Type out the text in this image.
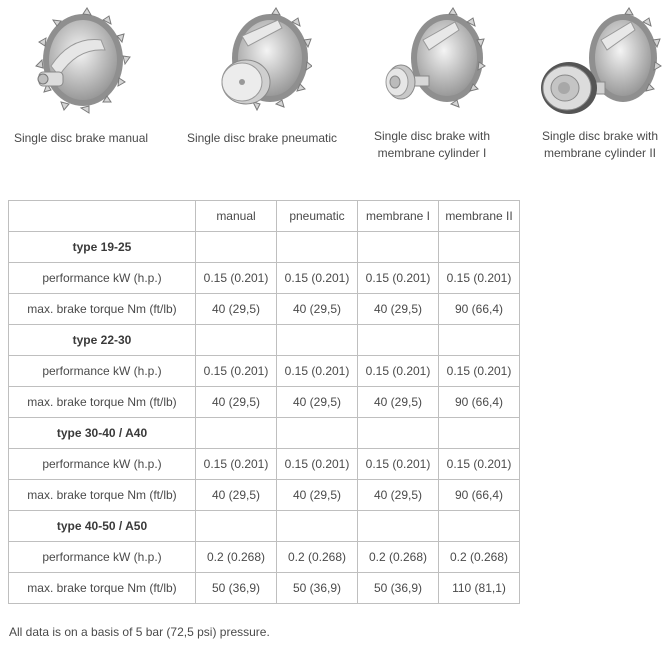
Single disc brake manual	Single disc brake pneumatic	Single disc brake with
membrane cylinder I
Single disc brake with
membrane cylinder II
	manual	pneumatic	membrane I	membrane II
type 19-25				
performance kW (h.p.)	0.15 (0.201)	0.15 (0.201)	0.15 (0.201)	0.15 (0.201)
max. brake torque Nm (ft/lb)	40 (29,5)	40 (29,5)	40 (29,5)	90 (66,4)
type 22-30				
performance kW (h.p.)	0.15 (0.201)	0.15 (0.201)	0.15 (0.201)	0.15 (0.201)
max. brake torque Nm (ft/lb)	40 (29,5)	40 (29,5)	40 (29,5)	90 (66,4)
type 30-40 / A40				
performance kW (h.p.)	0.15 (0.201)	0.15 (0.201)	0.15 (0.201)	0.15 (0.201)
max. brake torque Nm (ft/lb)	40 (29,5)	40 (29,5)	40 (29,5)	90 (66,4)
type 40-50 / A50				
performance kW (h.p.)	0.2 (0.268)	0.2 (0.268)	0.2 (0.268)	0.2 (0.268)
max. brake torque Nm (ft/lb)	50 (36,9)	50 (36,9)	50 (36,9)	110 (81,1)
All data is on a basis of 5 bar (72,5 psi) pressure.
